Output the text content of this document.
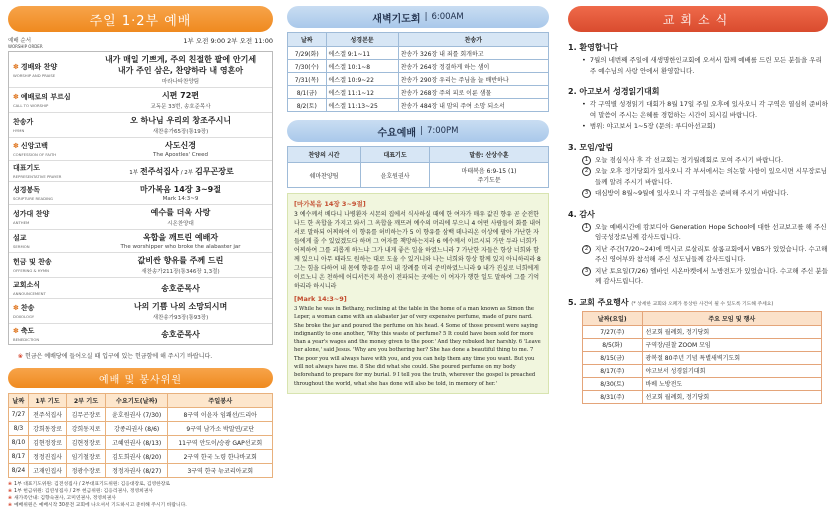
주일 1·2부 예배
예배 순서
WORSHIP ORDER
1부 오전 9:00 2부 오전 11:00
✽ 경배와 찬양
WORSHIP AND PRAISE
내가 매일 기쁘게, 주의 친절한 팔에 안기세
내가 주인 삼은, 찬양하라 내 영혼아
마라나타찬양팀
✽ 예배로의 부르심
CALL TO WORSHIP
시편 72편
교독문 33번, 송호준목사
찬송가
HYMN
오 하나님 우리의 창조주시니
새찬송가65장(통19장)
✽ 신앙고백
CONFESSION OF FAITH
사도신경
The Apostles' Creed
대표기도
REPRESENTATIVE PRAYER
1부 전주석집사 / 2부 김무곤장로
성경봉독
SCRIPTURE READING
마가복음 14장 3~9절
Mark 14:3~9
성가대 찬양
ANTHEM
예수를 더욱 사랑
시온찬양대
설교
SERMON
옥합을 깨트린 예배자
The worshipper who broke the alabaster jar
헌금 및 찬송
OFFERING & HYMN
값비싼 향유를 주께 드린
새찬송가211장(통346장 1,3절)
교회소식
ANNOUNCEMENT
송호준목사
✽ 찬송
DOXOLOGY
나의 기쁨 나의 소망되시며
새찬송가93장(통93장)
✽ 축도
BENEDICTION
송호준목사
❀ 헌금은 예배당에 들어오실 때 입구에 있는 헌금함에 해 주시기 바랍니다.
예배 및 봉사위원
날짜	1부 기도	2부 기도	수요기도(날짜)	주일봉사
7/27	전주석집사	김무곤장로	윤호원권사 (7/30)	8구역 이윤자 임쾌선/드리아
8/3	강희동장로	강희동지로	강종리권사 (8/6)	9구역 남가소 박말연/교단
8/10	김현정장로	김현정장로	고혜연권사 (8/13)	11구역 안도이/승광 GAP선교회
8/17	정정진집사	임기철장로	김도희권사 (8/20)	2구역 한국 노령 한나바교회
8/24	고재인집사	정광수장로	정정자권사 (8/27)	3구역 한국 뉴코리아교회
❀ 1부 대표기도위원: 김전성집사 / 2부대표기도위원: 김응대장로, 김영한장로
❀ 1부 헌금위원: 김연성집사 / 2부 헌금위원: 김응리권사, 정영희권사
❀ 새가족안내: 김향숙권사, 고미연권사, 정영희권사
❀ 예배위원은 예배시작 30분전 교회에 나오셔서 기도하시고 준비해 주시기 바랍니다.
새벽기도회 | 6:00AM
날짜	성경본문	찬송가
7/29(화)	에스겔 9:1~11	찬송가 326장 내 죄를 회개하고
7/30(수)	에스겔 10:1~8	찬송가 264장 정결하게 하는 샘이
7/31(목)	에스겔 10:9~22	찬송가 290장 우리는 주님을 늘 배반하나
8/1(금)	에스겔 11:1~12	찬송가 268장 주의 피로 이룬 샘물
8/2(토)	에스겔 11:13~25	찬송가 484장 내 맘의 주여 소망 되소서
수요예배 | 7:00PM
찬양의 시간	대표기도	말씀: 산상수훈
쉐마찬양팀	윤호원권사	마태복음 6:9-15 (1)
주기도문
[마가복음 14장 3~9절]
3 예수께서 베다니 나병환자 시몬의 집에서 식사하실 때에 한 여자가 매우 값진 향유 곧 순전한 나드 한 옥합을 가지고 와서 그 옥합을 깨뜨려 예수의 머리에 부으니 4 어떤 사람들이 화를 내어 서로 말하되 어찌하여 이 향유를 허비하는가 5 이 향유를 삼백 데나리온 이상에 팔아 가난한 자들에게 줄 수 있었겠도다 하며 그 여자를 책망하는지라 6 예수께서 이르시되 가만 두라 너희가 어찌하여 그를 괴롭게 하느냐 그가 내게 좋은 일을 하였느니라 7 가난한 자들은 항상 너희와 함께 있으니 아무 때라도 원하는 대로 도울 수 있거니와 나는 너희와 항상 함께 있지 아니하리라 8 그는 힘을 다하여 내 몸에 향유를 부어 내 장례를 미리 준비하였느니라 9 내가 진실로 너희에게 이르노니 온 천하에 어디서든지 복음이 전파되는 곳에는 이 여자가 행한 일도 말하여 그를 기억하리라 하시니라
[Mark 14:3~9]
3 While he was in Bethany, reclining at the table in the home of a man known as Simon the Leper, a woman came with an alabaster jar of very expensive perfume, made of pure nard. She broke the jar and poured the perfume on his head. 4 Some of those present were saying indignantly to one another, 'Why this waste of perfume? 5 It could have been sold for more than a year's wages and the money given to the poor.' And they rebuked her harshly. 6 'Leave her alone,' said Jesus. 'Why are you bothering her? She has done a beautiful thing to me. 7 The poor you will always have with you, and you can help them any time you want. But you will not always have me. 8 She did what she could. She poured perfume on my body beforehand to prepare for my burial. 9 I tell you the truth, wherever the gospel is preached throughout the world, what she has done will also be told, in memory of her.'
교회소식
1. 환영합니다
• 7월의 네번째 주일에 새생명한인교회에 오셔서 함께 예배를 드린 모든 분들을 우리 주 예수님의 사랑 안에서 환영합니다.
2. 아고보서 성경읽기대회
• 각 구역별 성경읽기 대회가 8월 17일 주일 오후에 있사오니 각 구역은 열심히 준비하여 말씀이 주시는 은혜를 경험하는 시간이 되시길 바랍니다.
• 범위: 야고보서 1~5장 (문의: 루디아선교회)
3. 모임/알림
1	오늘 점심식사 후 각 선교회는 정기월례회로 모여 주시기 바랍니다.
2	오늘 오후 정기당회가 있사오니 각 부서에서는 의논할 사항이 있으시면 시무장로님들께 알려 주시기 바랍니다.
3	대심방이 8월~9월에 있사오니 각 구역들은 준비해 주시기 바랍니다.
4. 감사
1	오늘 예배시간에 캄보디아 Generation Hope School에 대한 선교보고를 해 주신 임국성장로님께 감사드립니다.
2	지난 주간(7/20~24)에 멕시코 로살리토 살롬교회에서 VBS가 있었습니다. 수고해 주신 영어부와 참석해 주신 성도님들께 감사드립니다.
3	지난 토요일(7/26) 엘바인 시온마켓에서 노방전도가 있었습니다. 수고해 주신 분들께 감사드립니다.
5. 교회 주요행사 (* 상세한 교회와 오페가 통상한 사건이 될 수 있도록 기도해 주세요)
날짜(요일)	주요 모임 및 행사
7/27(주)	선교회 월례회, 정기당회
8/5(화)	구역장/권찰 ZOOM 모임
8/15(금)	광복절 80주년 기념 특별새벽기도회
8/17(주)	야고보서 성경읽기대회
8/30(토)	바베 노방전도
8/31(주)	선교회 월례회, 정기당회
